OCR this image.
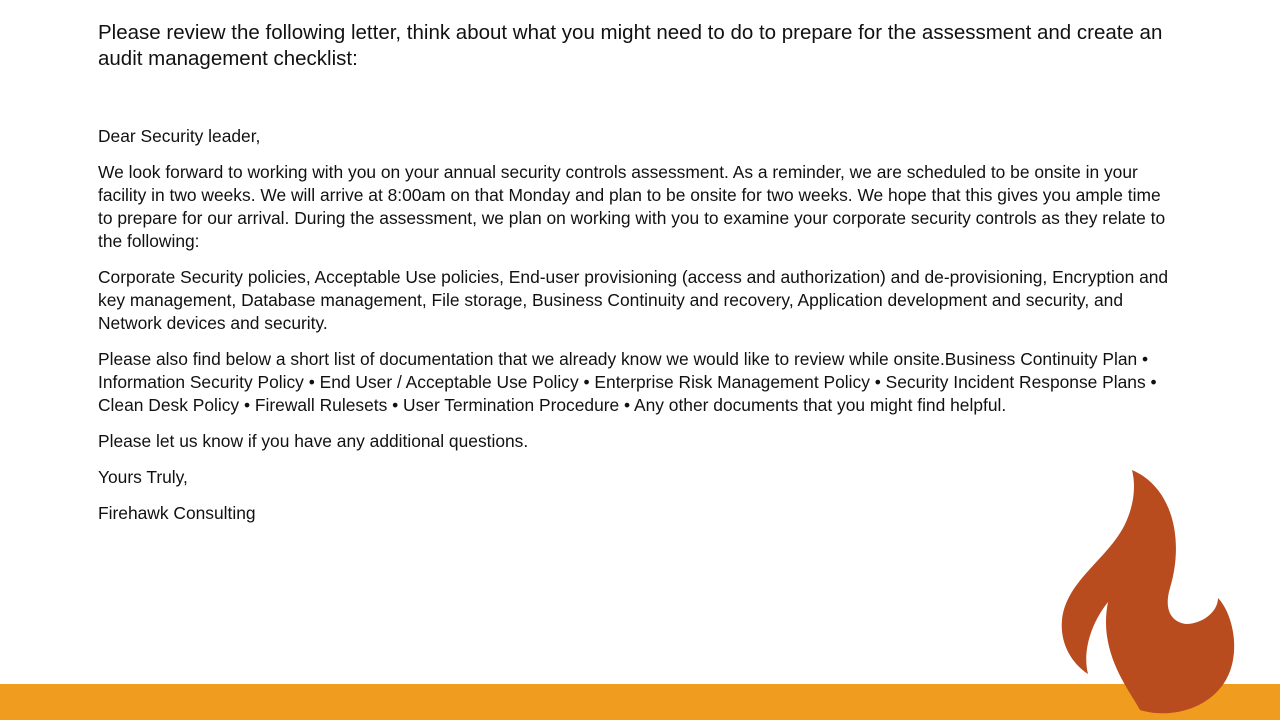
Please review the following letter, think about what you might need to do to prepare for the assessment and create an audit management checklist:

Dear Security leader,

We look forward to working with you on your annual security controls assessment. As a reminder, we are scheduled to be onsite in your facility in two weeks. We will arrive at 8:00am on that Monday and plan to be onsite for two weeks. We hope that this gives you ample time to prepare for our arrival. During the assessment, we plan on working with you to examine your corporate security controls as they relate to the following:

Corporate Security policies, Acceptable Use policies, End-user provisioning (access and authorization) and de-provisioning, Encryption and key management, Database management, File storage, Business Continuity and recovery, Application development and security, and Network devices and security.

Please also find below a short list of documentation that we already know we would like to review while onsite.Business Continuity Plan • Information Security Policy • End User / Acceptable Use Policy • Enterprise Risk Management Policy • Security Incident Response Plans • Clean Desk Policy • Firewall Rulesets • User Termination Procedure • Any other documents that you might find helpful.

Please let us know if you have any additional questions.

Yours Truly,

Firehawk Consulting
